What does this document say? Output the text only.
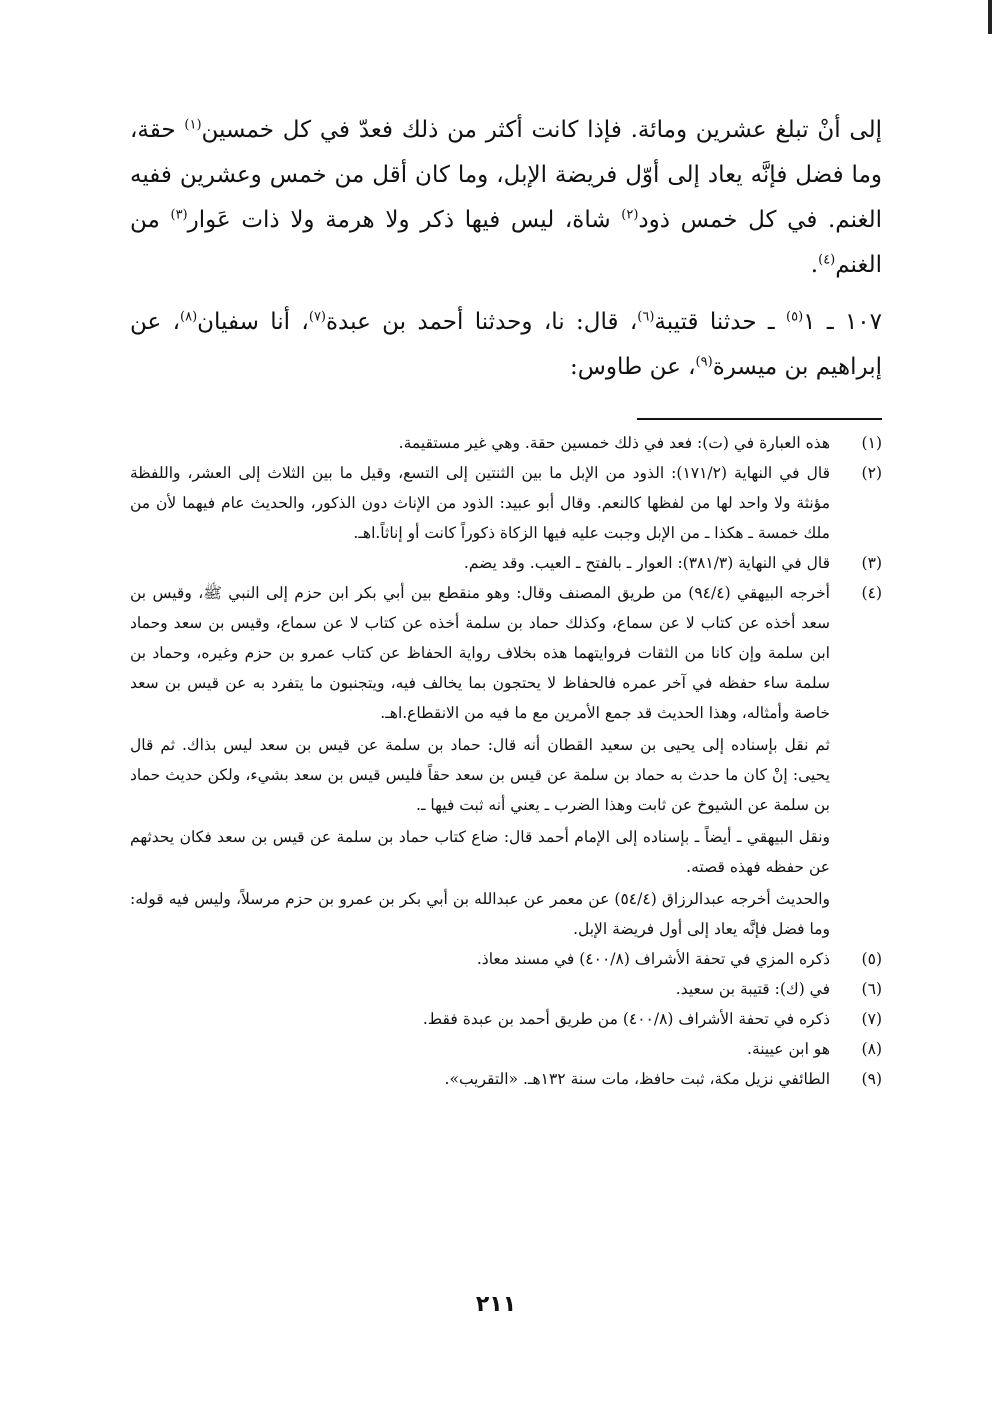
إلى أنْ تبلغ عشرين ومائة. فإذا كانت أكثر من ذلك فعدّ في كل خمسين$^{(١)}$ حقة، وما فضل فإنَّه يعاد إلى أوّل فريضة الإبل، وما كان أقل من خمس وعشرين ففيه الغنم. في كل خمس ذود$^{(٢)}$ شاة، ليس فيها ذكر ولا هرمة ولا ذات عَوار$^{(٣)}$ من الغنم$^{(٤)}$.

١٠٧ ـ ١$^{(٥)}$ ـ حدثنا قتيبة$^{(٦)}$، قال: نا، وحدثنا أحمد بن عبدة$^{(٧)}$، أنا سفيان$^{(٨)}$، عن إبراهيم بن ميسرة$^{(٩)}$، عن طاوس:

(١)

هذه العبارة في (ت): فعد في ذلك خمسين حقة. وهي غير مستقيمة.

(٢)

قال في النهاية (١٧١/٢): الذود من الإبل ما بين الثنتين إلى التسع، وقيل ما بين الثلاث إلى العشر، واللفظة مؤنثة ولا واحد لها من لفظها كالنعم. وقال أبو عبيد: الذود من الإناث دون الذكور، والحديث عام فيهما لأن من ملك خمسة ـ هكذا ـ من الإبل وجبت عليه فيها الزكاة ذكوراً كانت أو إناثاً.اهـ.

(٣)

قال في النهاية (٣٨١/٣): العوار ـ بالفتح ـ العيب. وقد يضم.

(٤)

أخرجه البيهقي (٩٤/٤) من طريق المصنف وقال: وهو منقطع بين أبي بكر ابن حزم إلى النبي ﷺ، وقيس بن سعد أخذه عن كتاب لا عن سماع، وكذلك حماد بن سلمة أخذه عن كتاب لا عن سماع، وقيس بن سعد وحماد ابن سلمة وإن كانا من الثقات فروايتهما هذه بخلاف رواية الحفاظ عن كتاب عمرو بن حزم وغيره، وحماد بن سلمة ساء حفظه في آخر عمره فالحفاظ لا يحتجون بما يخالف فيه، ويتجنبون ما يتفرد به عن قيس بن سعد خاصة وأمثاله، وهذا الحديث قد جمع الأمرين مع ما فيه من الانقطاع.اهـ.

ثم نقل بإسناده إلى يحيى بن سعيد القطان أنه قال: حماد بن سلمة عن قيس بن سعد ليس بذاك. ثم قال يحيى: إنْ كان ما حدث به حماد بن سلمة عن قيس بن سعد حقاً فليس قيس بن سعد بشيء، ولكن حديث حماد بن سلمة عن الشيوخ عن ثابت وهذا الضرب ـ يعني أنه ثبت فيها ـ.

ونقل البيهقي ـ أيضاً ـ بإسناده إلى الإمام أحمد قال: ضاع كتاب حماد بن سلمة عن قيس بن سعد فكان يحدثهم عن حفظه فهذه قصته.

والحديث أخرجه عبدالرزاق (٥٤/٤) عن معمر عن عبدالله بن أبي بكر بن عمرو بن حزم مرسلاً، وليس فيه قوله: وما فضل فإنَّه يعاد إلى أول فريضة الإبل.

(٥)

ذكره المزي في تحفة الأشراف (٤٠٠/٨) في مسند معاذ.

(٦)

في (ك): قتيبة بن سعيد.

(٧)

ذكره في تحفة الأشراف (٤٠٠/٨) من طريق أحمد بن عبدة فقط.

(٨)

هو ابن عيينة.

(٩)

الطائفي نزيل مكة، ثبت حافظ، مات سنة ١٣٢هـ. «التقريب».

٢١١
